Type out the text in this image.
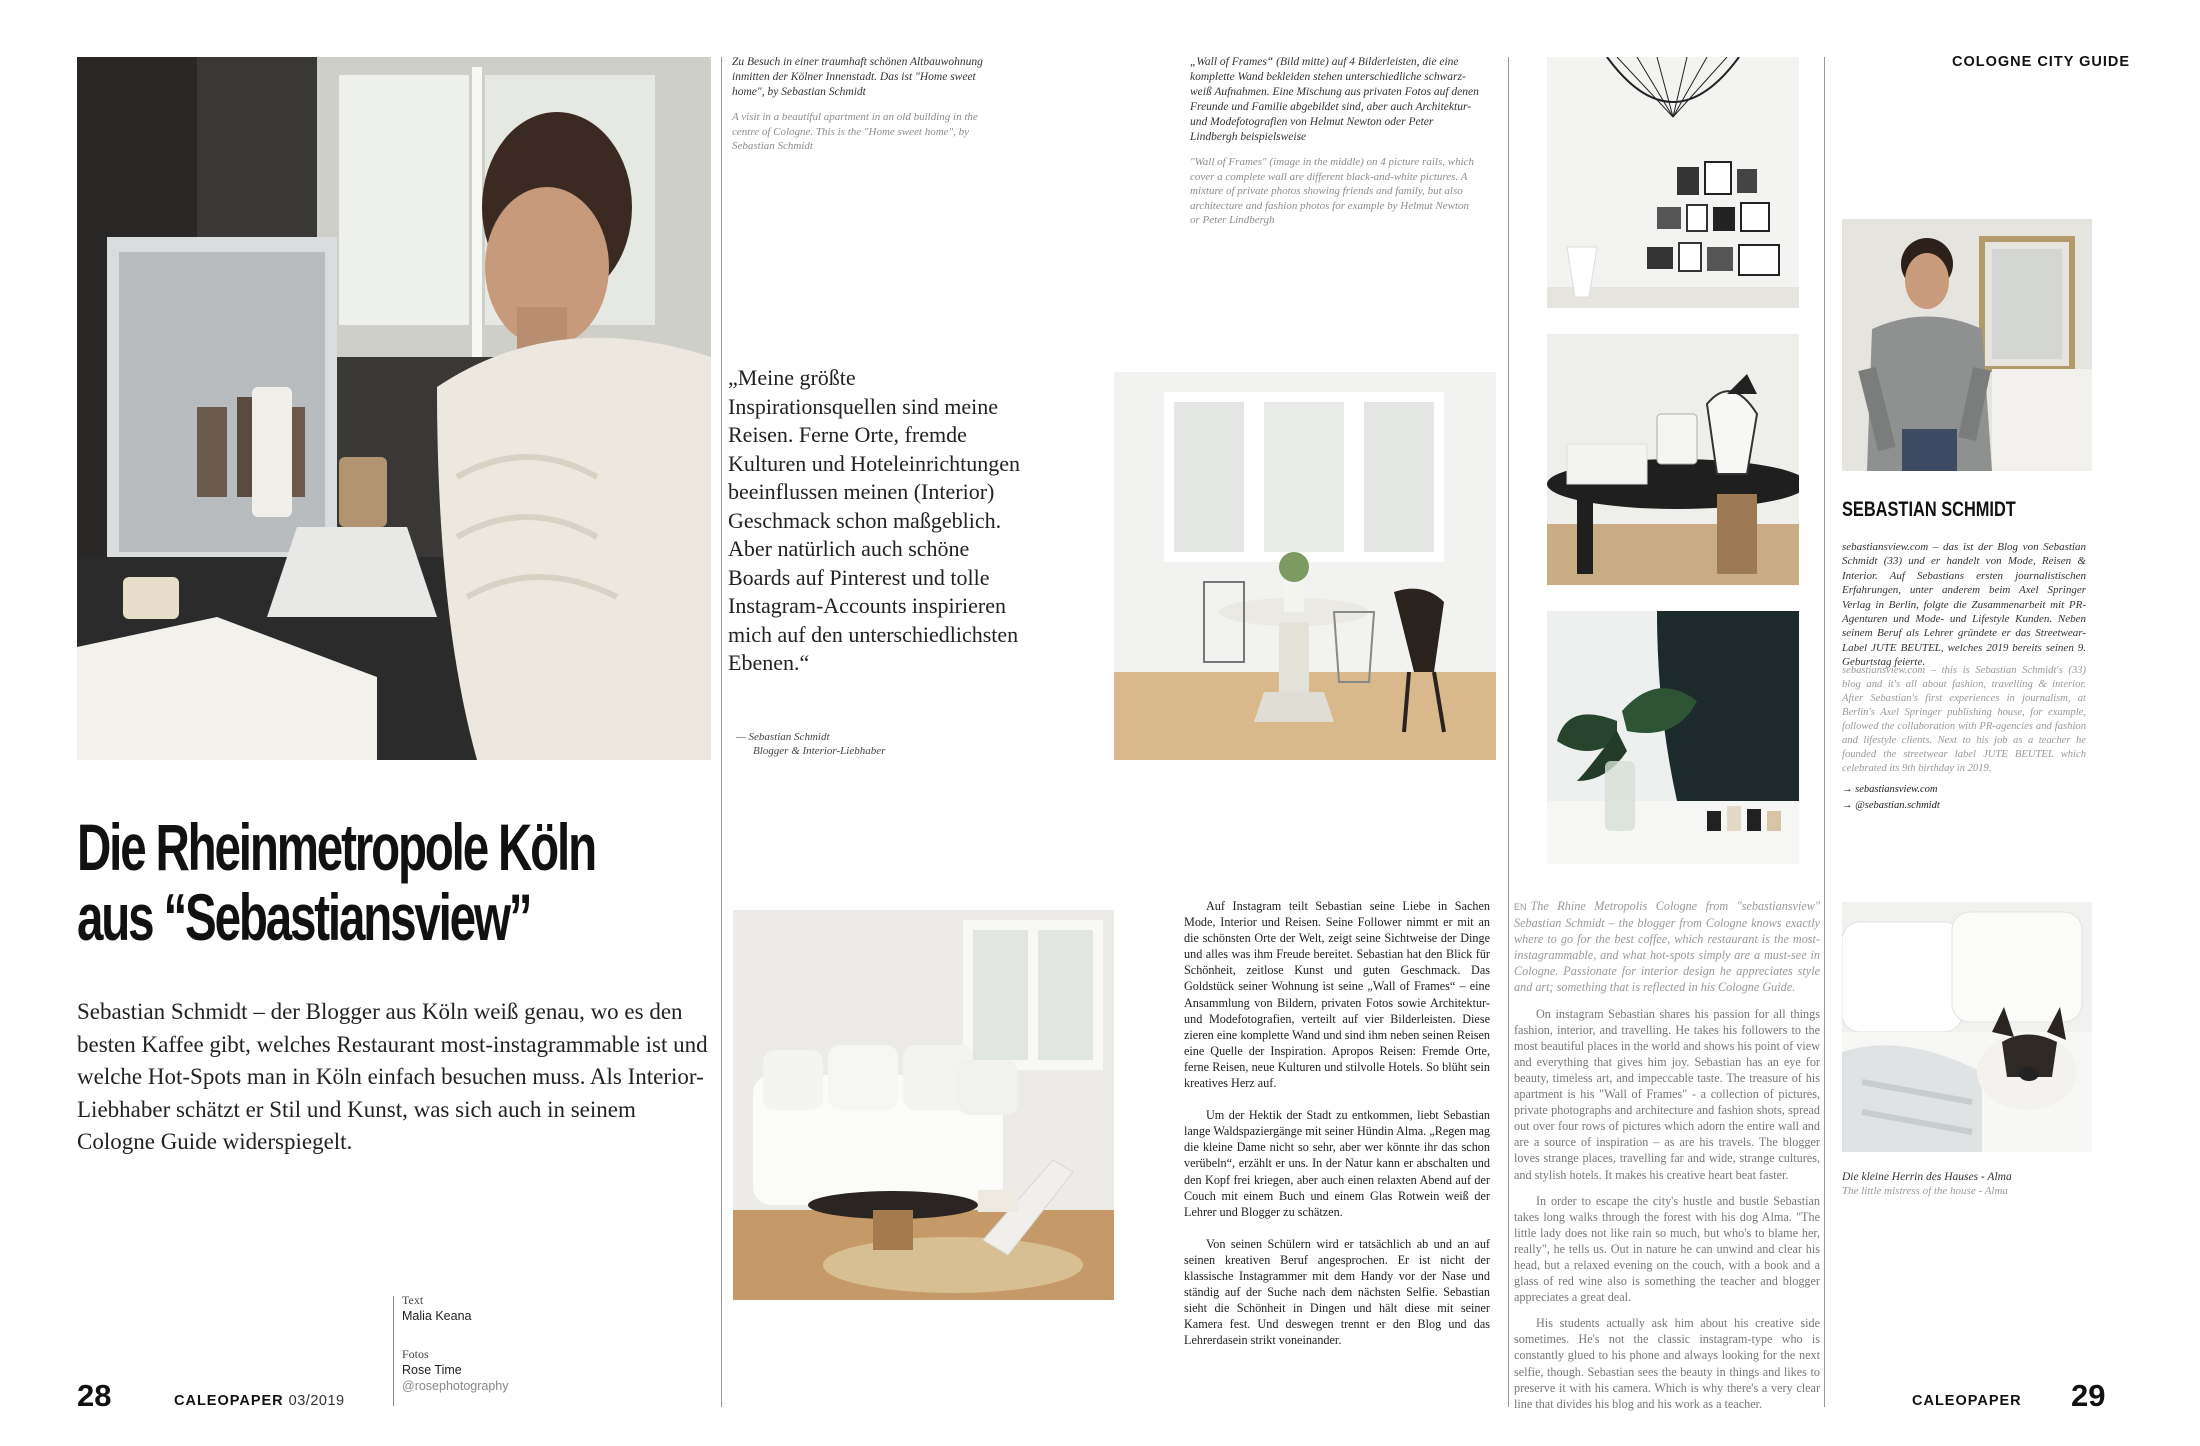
Die Rheinmetropole Köln
aus “Sebastiansview”
Sebastian Schmidt – der Blogger aus Köln weiß genau, wo es den besten Kaffee gibt, welches Restaurant most-instagrammable ist und welche Hot-Spots man in Köln einfach besuchen muss. Als Interior-Liebhaber schätzt er Stil und Kunst, was sich auch in seinem Cologne Guide widerspiegelt.
Text
Malia Keana
Fotos
Rose Time
@rosephotography
28	CALEOPAPER 03/2019
Zu Besuch in einer traumhaft schönen Altbauwohnung inmitten der Kölner Innenstadt. Das ist "Home sweet home", by Sebastian Schmidt
A visit in a beautiful apartment in an old building in the centre of Cologne. This is the "Home sweet home", by Sebastian Schmidt
„Meine größte Inspirationsquellen sind meine Reisen. Ferne Orte, fremde Kulturen und Hoteleinrichtungen beeinflussen meinen (Interior) Geschmack schon maßgeblich. Aber natürlich auch schöne Boards auf Pinterest und tolle Instagram-Accounts inspirieren mich auf den unterschiedlichsten Ebenen.“
— Sebastian Schmidt
Blogger & Interior-Liebhaber
„Wall of Frames“ (Bild mitte) auf 4 Bilderleisten, die eine komplette Wand bekleiden stehen unterschiedliche schwarz-weiß Aufnahmen. Eine Mischung aus privaten Fotos auf denen Freunde und Familie abgebildet sind, aber auch Architektur- und Modefotografien von Helmut Newton oder Peter Lindbergh beispielsweise
"Wall of Frames" (image in the middle) on 4 picture rails, which cover a complete wall are different black-and-white pictures. A mixture of private photos showing friends and family, but also architecture and fashion photos for example by Helmut Newton or Peter Lindbergh

Auf Instagram teilt Sebastian seine Liebe in Sachen Mode, Interior und Reisen. Seine Follower nimmt er mit an die schönsten Orte der Welt, zeigt seine Sichtweise der Dinge und alles was ihm Freude bereitet. Sebastian hat den Blick für Schönheit, zeitlose Kunst und guten Geschmack. Das Goldstück seiner Wohnung ist seine „Wall of Frames“ – eine Ansammlung von Bildern, privaten Fotos sowie Architektur- und Modefotografien, verteilt auf vier Bilderleisten. Diese zieren eine komplette Wand und sind ihm neben seinen Reisen eine Quelle der Inspiration. Apropos Reisen: Fremde Orte, ferne Reisen, neue Kulturen und stilvolle Hotels. So blüht sein kreatives Herz auf.

Um der Hektik der Stadt zu entkommen, liebt Sebastian lange Waldspaziergänge mit seiner Hündin Alma. „Regen mag die kleine Dame nicht so sehr, aber wer könnte ihr das schon verübeln“, erzählt er uns. In der Natur kann er abschalten und den Kopf frei kriegen, aber auch einen relaxten Abend auf der Couch mit einem Buch und einem Glas Rotwein weiß der Lehrer und Blogger zu schätzen.

Von seinen Schülern wird er tatsächlich ab und an auf seinen kreativen Beruf angesprochen. Er ist nicht der klassische Instagrammer mit dem Handy vor der Nase und ständig auf der Suche nach dem nächsten Selfie. Sebastian sieht die Schönheit in Dingen und hält diese mit seiner Kamera fest. Und deswegen trennt er den Blog und das Lehrerdasein strikt voneinander.

EN The Rhine Metropolis Cologne from "sebastiansview" Sebastian Schmidt – the blogger from Cologne knows exactly where to go for the best coffee, which restaurant is the most-instagrammable, and what hot-spots simply are a must-see in Cologne. Passionate for interior design he appreciates style and art; something that is reflected in his Cologne Guide.

On instagram Sebastian shares his passion for all things fashion, interior, and travelling. He takes his followers to the most beautiful places in the world and shows his point of view and everything that gives him joy. Sebastian has an eye for beauty, timeless art, and impeccable taste. The treasure of his apartment is his "Wall of Frames" - a collection of pictures, private photographs and architecture and fashion shots, spread out over four rows of pictures which adorn the entire wall and are a source of inspiration – as are his travels. The blogger loves strange places, travelling far and wide, strange cultures, and stylish hotels. It makes his creative heart beat faster.

In order to escape the city's hustle and bustle Sebastian takes long walks through the forest with his dog Alma. "The little lady does not like rain so much, but who's to blame her, really", he tells us. Out in nature he can unwind and clear his head, but a relaxed evening on the couch, with a book and a glass of red wine also is something the teacher and blogger appreciates a great deal.

His students actually ask him about his creative side sometimes. He's not the classic instagram-type who is constantly glued to his phone and always looking for the next selfie, though. Sebastian sees the beauty in things and likes to preserve it with his camera. Which is why there's a very clear line that divides his blog and his work as a teacher.

COLOGNE CITY GUIDE
SEBASTIAN SCHMIDT
sebastiansview.com – das ist der Blog von Sebastian Schmidt (33) und er handelt von Mode, Reisen & Interior. Auf Sebastians ersten journalistischen Erfahrungen, unter anderem beim Axel Springer Verlag in Berlin, folgte die Zusammenarbeit mit PR-Agenturen und Mode- und Lifestyle Kunden. Neben seinem Beruf als Lehrer gründete er das Streetwear-Label JUTE BEUTEL, welches 2019 bereits seinen 9. Geburtstag feierte.
sebastiansview.com – this is Sebastian Schmidt's (33) blog and it's all about fashion, travelling & interior. After Sebastian's first experiences in journalism, at Berlin's Axel Springer publishing house, for example, followed the collaboration with PR-agencies and fashion and lifestyle clients. Next to his job as a teacher he founded the streetwear label JUTE BEUTEL which celebrated its 9th birthday in 2019.
→ sebastiansview.com
→ @sebastian.schmidt
Die kleine Herrin des Hauses - Alma
The little mistress of the house - Alma
CALEOPAPER 29
